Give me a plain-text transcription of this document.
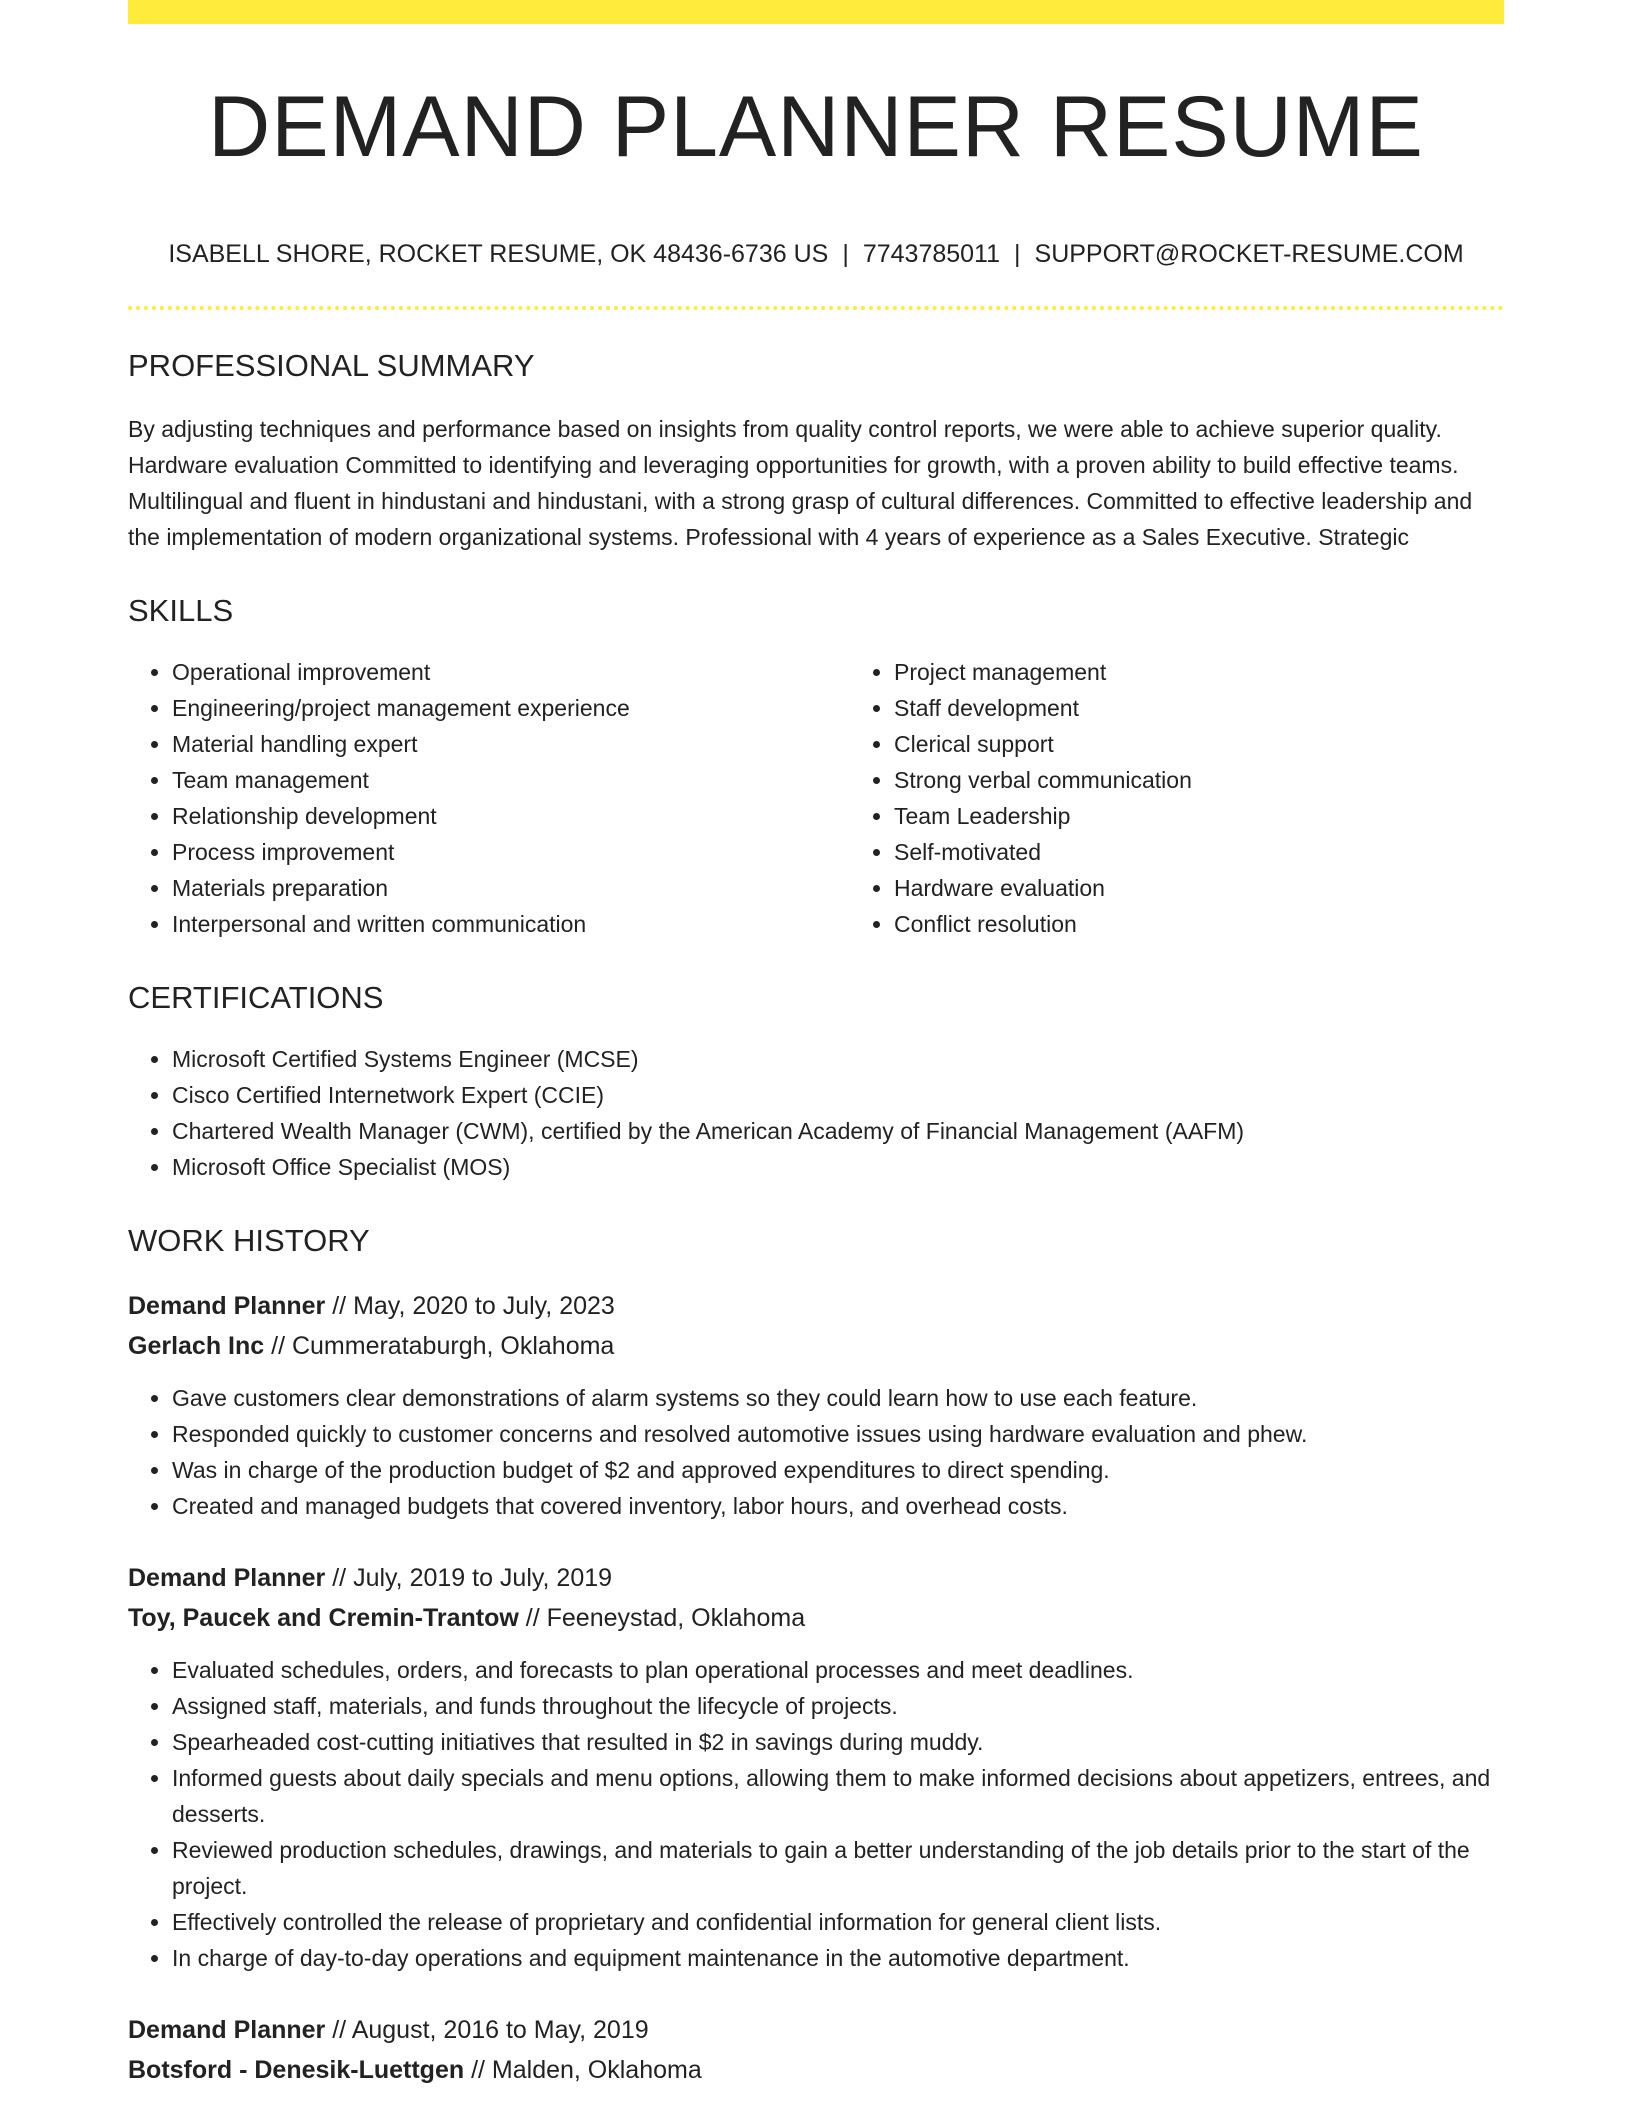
DEMAND PLANNER RESUME
ISABELL SHORE, ROCKET RESUME, OK 48436-6736 US | 7743785011 | SUPPORT@ROCKET-RESUME.COM
PROFESSIONAL SUMMARY

By adjusting techniques and performance based on insights from quality control reports, we were able to achieve superior quality. Hardware evaluation Committed to identifying and leveraging opportunities for growth, with a proven ability to build effective teams. Multilingual and fluent in hindustani and hindustani, with a strong grasp of cultural differences. Committed to effective leadership and the implementation of modern organizational systems. Professional with 4 years of experience as a Sales Executive. Strategic

SKILLS
• Operational improvement
• Engineering/project management experience
• Material handling expert
• Team management
• Relationship development
• Process improvement
• Materials preparation
• Interpersonal and written communication
• Project management
• Staff development
• Clerical support
• Strong verbal communication
• Team Leadership
• Self-motivated
• Hardware evaluation
• Conflict resolution
CERTIFICATIONS
• Microsoft Certified Systems Engineer (MCSE)
• Cisco Certified Internetwork Expert (CCIE)
• Chartered Wealth Manager (CWM), certified by the American Academy of Financial Management (AAFM)
• Microsoft Office Specialist (MOS)
WORK HISTORY
Demand Planner // May, 2020 to July, 2023
Gerlach Inc // Cummerataburgh, Oklahoma
• Gave customers clear demonstrations of alarm systems so they could learn how to use each feature.
• Responded quickly to customer concerns and resolved automotive issues using hardware evaluation and phew.
• Was in charge of the production budget of $2 and approved expenditures to direct spending.
• Created and managed budgets that covered inventory, labor hours, and overhead costs.
Demand Planner // July, 2019 to July, 2019
Toy, Paucek and Cremin-Trantow // Feeneystad, Oklahoma
• Evaluated schedules, orders, and forecasts to plan operational processes and meet deadlines.
• Assigned staff, materials, and funds throughout the lifecycle of projects.
• Spearheaded cost-cutting initiatives that resulted in $2 in savings during muddy.
• Informed guests about daily specials and menu options, allowing them to make informed decisions about appetizers, entrees, and desserts.
• Reviewed production schedules, drawings, and materials to gain a better understanding of the job details prior to the start of the project.
• Effectively controlled the release of proprietary and confidential information for general client lists.
• In charge of day-to-day operations and equipment maintenance in the automotive department.
Demand Planner // August, 2016 to May, 2019
Botsford - Denesik-Luettgen // Malden, Oklahoma
